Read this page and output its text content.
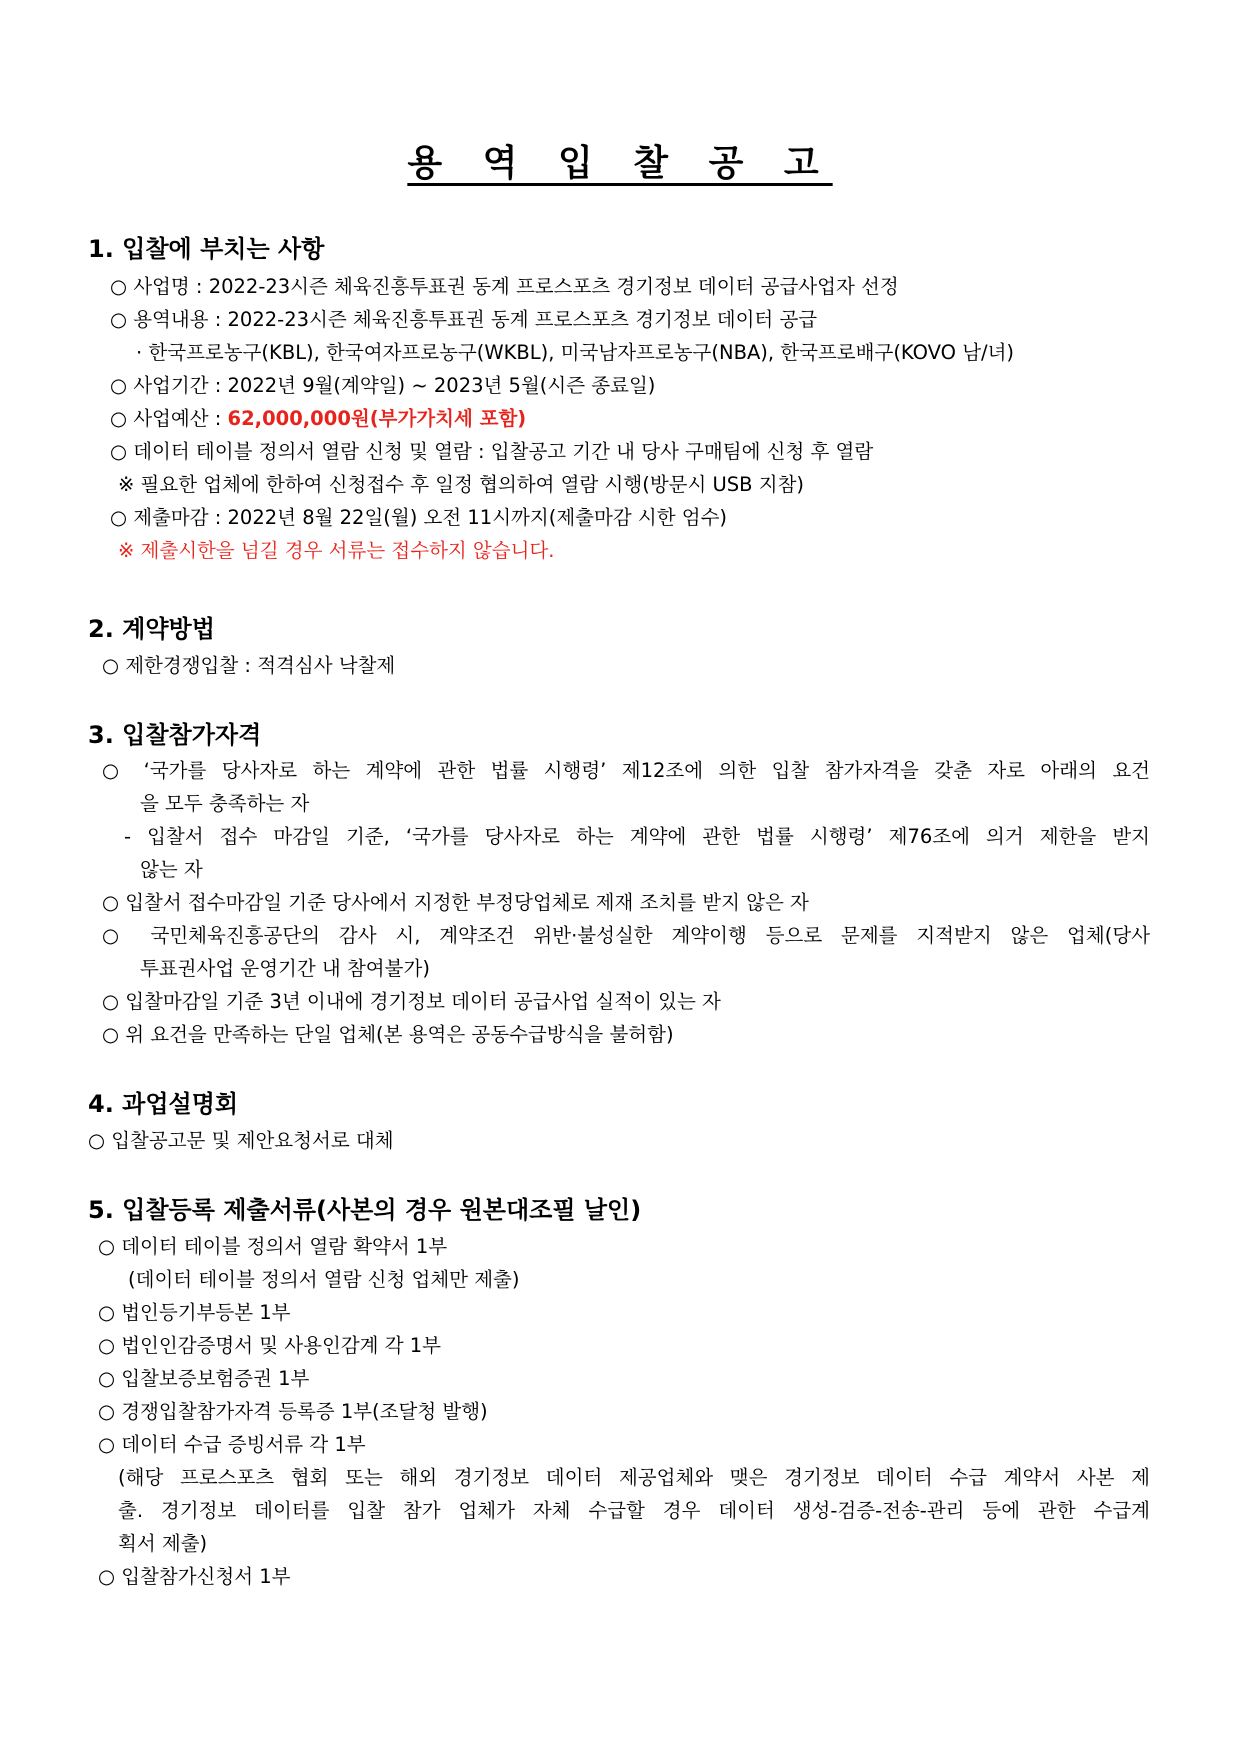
용 역 입 찰 공 고
1. 입찰에 부치는 사항
○ 사업명 : 2022-23시즌 체육진흥투표권 동계 프로스포츠 경기정보 데이터 공급사업자 선정
○ 용역내용 : 2022-23시즌 체육진흥투표권 동계 프로스포츠 경기정보 데이터 공급
· 한국프로농구(KBL), 한국여자프로농구(WKBL), 미국남자프로농구(NBA), 한국프로배구(KOVO 남/녀)
○ 사업기간 : 2022년 9월(계약일) ~ 2023년 5월(시즌 종료일)
○ 사업예산 : 62,000,000원(부가가치세 포함)
○ 데이터 테이블 정의서 열람 신청 및 열람 : 입찰공고 기간 내 당사 구매팀에 신청 후 열람
※ 필요한 업체에 한하여 신청접수 후 일정 협의하여 열람 시행(방문시 USB 지참)
○ 제출마감 : 2022년 8월 22일(월) 오전 11시까지(제출마감 시한 엄수)
※ 제출시한을 넘길 경우 서류는 접수하지 않습니다.
2. 계약방법
○ 제한경쟁입찰 : 적격심사 낙찰제
3. 입찰참가자격
○ ‘국가를 당사자로 하는 계약에 관한 법률 시행령’ 제12조에 의한 입찰 참가자격을 갖춘 자로 아래의 요건
을 모두 충족하는 자
- 입찰서 접수 마감일 기준, ‘국가를 당사자로 하는 계약에 관한 법률 시행령’ 제76조에 의거 제한을 받지
않는 자
○ 입찰서 접수마감일 기준 당사에서 지정한 부정당업체로 제재 조치를 받지 않은 자
○ 국민체육진흥공단의 감사 시, 계약조건 위반·불성실한 계약이행 등으로 문제를 지적받지 않은 업체(당사
투표권사업 운영기간 내 참여불가)
○ 입찰마감일 기준 3년 이내에 경기정보 데이터 공급사업 실적이 있는 자
○ 위 요건을 만족하는 단일 업체(본 용역은 공동수급방식을 불허함)
4. 과업설명회
○ 입찰공고문 및 제안요청서로 대체
5. 입찰등록 제출서류(사본의 경우 원본대조필 날인)
○ 데이터 테이블 정의서 열람 확약서 1부
(데이터 테이블 정의서 열람 신청 업체만 제출)
○ 법인등기부등본 1부
○ 법인인감증명서 및 사용인감계 각 1부
○ 입찰보증보험증권 1부
○ 경쟁입찰참가자격 등록증 1부(조달청 발행)
○ 데이터 수급 증빙서류 각 1부
(해당 프로스포츠 협회 또는 해외 경기정보 데이터 제공업체와 맺은 경기정보 데이터 수급 계약서 사본 제
출. 경기정보 데이터를 입찰 참가 업체가 자체 수급할 경우 데이터 생성-검증-전송-관리 등에 관한 수급계
획서 제출)
○ 입찰참가신청서 1부
